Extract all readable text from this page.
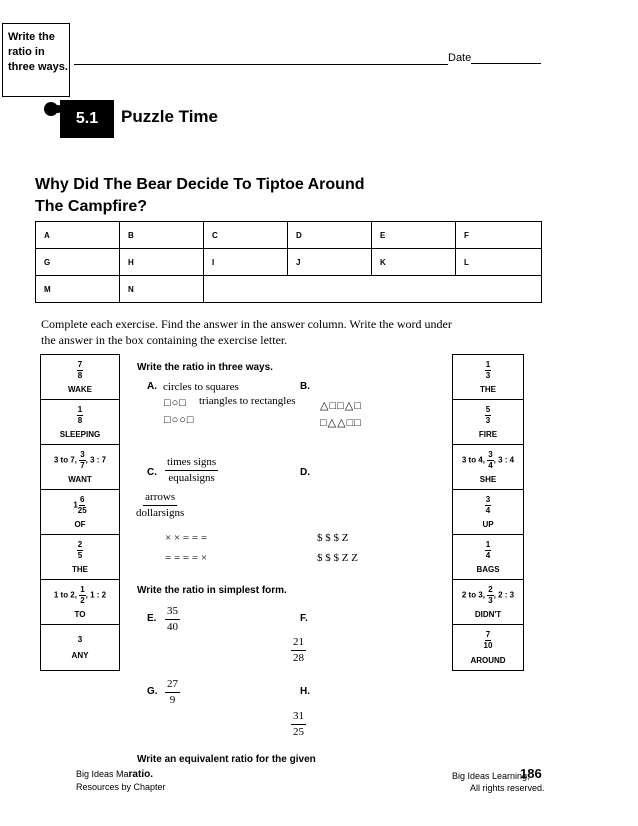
Write the ratio in three ways.
Date
5.1	Puzzle Time
Why Did The Bear Decide To Tiptoe Around
The Campfire?
A	B	C	D	E	F
G	H	I	J	K	L
M	N				
Complete each exercise. Find the answer in the answer column. Write the word under the answer in the box containing the exercise letter.
$\frac{7}{8}$
WAKE
$\frac{1}{8}$
SLEEPING
3 to 7, $\frac{3}{7}$ , 3 : 7
WANT
$1 \frac{6}{25}$
OF
$\frac{2}{5}$
THE
1 to 2, $\frac{1}{2}$ , 1 : 2
TO
3
ANY
$\frac{1}{3}$
THE
$\frac{5}{3}$
FIRE
3 to 4, $\frac{3}{4}$ , 3 : 4
SHE
$\frac{3}{4}$
UP
$\frac{1}{4}$
BAGS
2 to 3, $\frac{2}{3}$ , 2 : 3
DIDN'T
$\frac{7}{10}$
AROUND
Write the ratio in three ways.
A. circles to squares
□○□
□○○□
B.
triangles to rectangles △□□△□
□△△□□
C.
times signs
equalsigns	D.
arrows
dollarsigns
× × = = =
= = = = ×
$ $ $ Z
$ $ $ Z Z
Write the ratio in simplest form.
E.
35
40
F.
21
28
G.
27
9
H.
31
25
Write an equivalent ratio for the given
Big Ideas Maratio.
Resources by Chapter
Big Ideas Learning,
186
All rights reserved.
